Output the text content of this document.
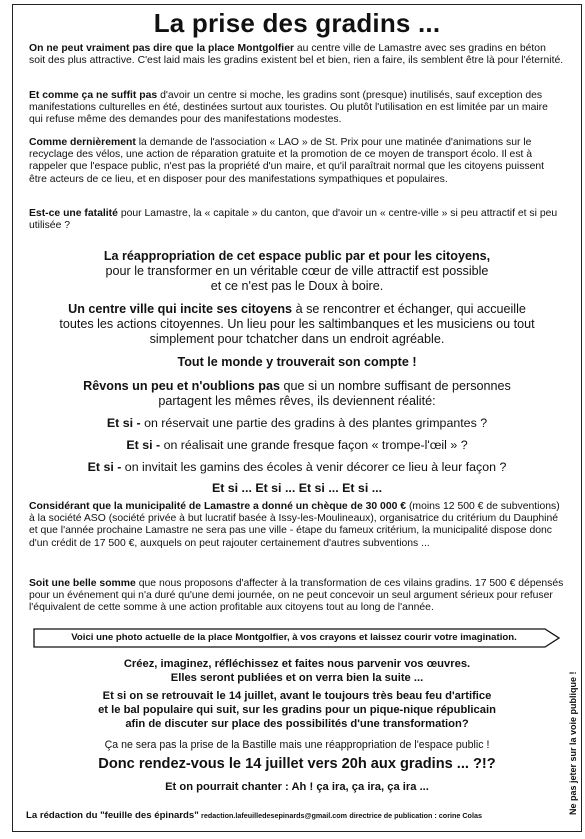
La prise des gradins ...
On ne peut vraiment pas dire que la place Montgolfier au centre ville de Lamastre avec ses gradins en béton soit des plus attractive. C'est laid mais les gradins existent bel et bien, rien a faire, ils semblent être là pour l'éternité.
Et comme ça ne suffit pas d'avoir un centre si moche, les gradins sont (presque) inutilisés, sauf exception des manifestations culturelles en été, destinées surtout aux touristes. Ou plutôt l'utilisation en est limitée par un maire qui refuse même des demandes pour des manifestations modestes.
Comme dernièrement la demande de l'association « LAO » de St. Prix pour une matinée d'animations sur le recyclage des vélos, une action de réparation gratuite et la promotion de ce moyen de transport écolo. Il est à rappeler que l'espace public, n'est pas la propriété d'un maire, et qu'il paraîtrait normal que les citoyens puissent être acteurs de ce lieu, et en disposer pour des manifestations sympathiques et populaires.
Est-ce une fatalité pour Lamastre, la « capitale » du canton, que d'avoir un « centre-ville » si peu attractif et si peu utilisée ?
La réappropriation de cet espace public par et pour les citoyens,
pour le transformer en un véritable cœur de ville attractif est possible
et ce n'est pas le Doux à boire.
Un centre ville qui incite ses citoyens à se rencontrer et échanger, qui accueille
toutes les actions citoyennes. Un lieu pour les saltimbanques et les musiciens ou tout
simplement pour tchatcher dans un endroit agréable.
Tout le monde y trouverait son compte !
Rêvons un peu et n'oublions pas que si un nombre suffisant de personnes
partagent les mêmes rêves, ils deviennent réalité:
Et si - on réservait une partie des gradins à des plantes grimpantes ?
Et si - on réalisait une grande fresque façon « trompe-l'œil » ?
Et si - on invitait les gamins des écoles à venir décorer ce lieu à leur façon ?
Et si ... Et si ... Et si ... Et si ...
Considérant que la municipalité de Lamastre a donné un chèque de 30 000 € (moins 12 500 € de subventions) à la société ASO (société privée à but lucratif basée à Issy-les-Moulineaux), organisatrice du critérium du Dauphiné et que l'année prochaine Lamastre ne sera pas une ville - étape du fameux critérium, la municipalité dispose donc d'un crédit de 17 500 €, auxquels on peut rajouter certainement d'autres subventions ...
Soit une belle somme que nous proposons d'affecter à la transformation de ces vilains gradins. 17 500 € dépensés pour un événement qui n'a duré qu'une demi journée, on ne peut concevoir un seul argument sérieux pour refuser l'équivalent de cette somme à une action profitable aux citoyens tout au long de l'année.
Voici une photo actuelle de la place Montgolfier, à vos crayons et laissez courir votre imagination.
Créez, imaginez, réfléchissez et faites nous parvenir vos œuvres.
Elles seront publiées et on verra bien la suite ...
Et si on se retrouvait le 14 juillet, avant le toujours très beau feu d'artifice
et le bal populaire qui suit, sur les gradins pour un pique-nique républicain
afin de discuter sur place des possibilités d'une transformation?
Ça ne sera pas la prise de la Bastille mais une réappropriation de l'espace public !
Donc rendez-vous le 14 juillet vers 20h aux gradins ... ?!?
Et on pourrait chanter : Ah ! ça ira, ça ira, ça ira ...	Ne pas jeter sur la voie publique !
La rédaction du "feuille des épinards" redaction.lafeuilledesepinards@gmail.com directrice de publication : corine Colas
